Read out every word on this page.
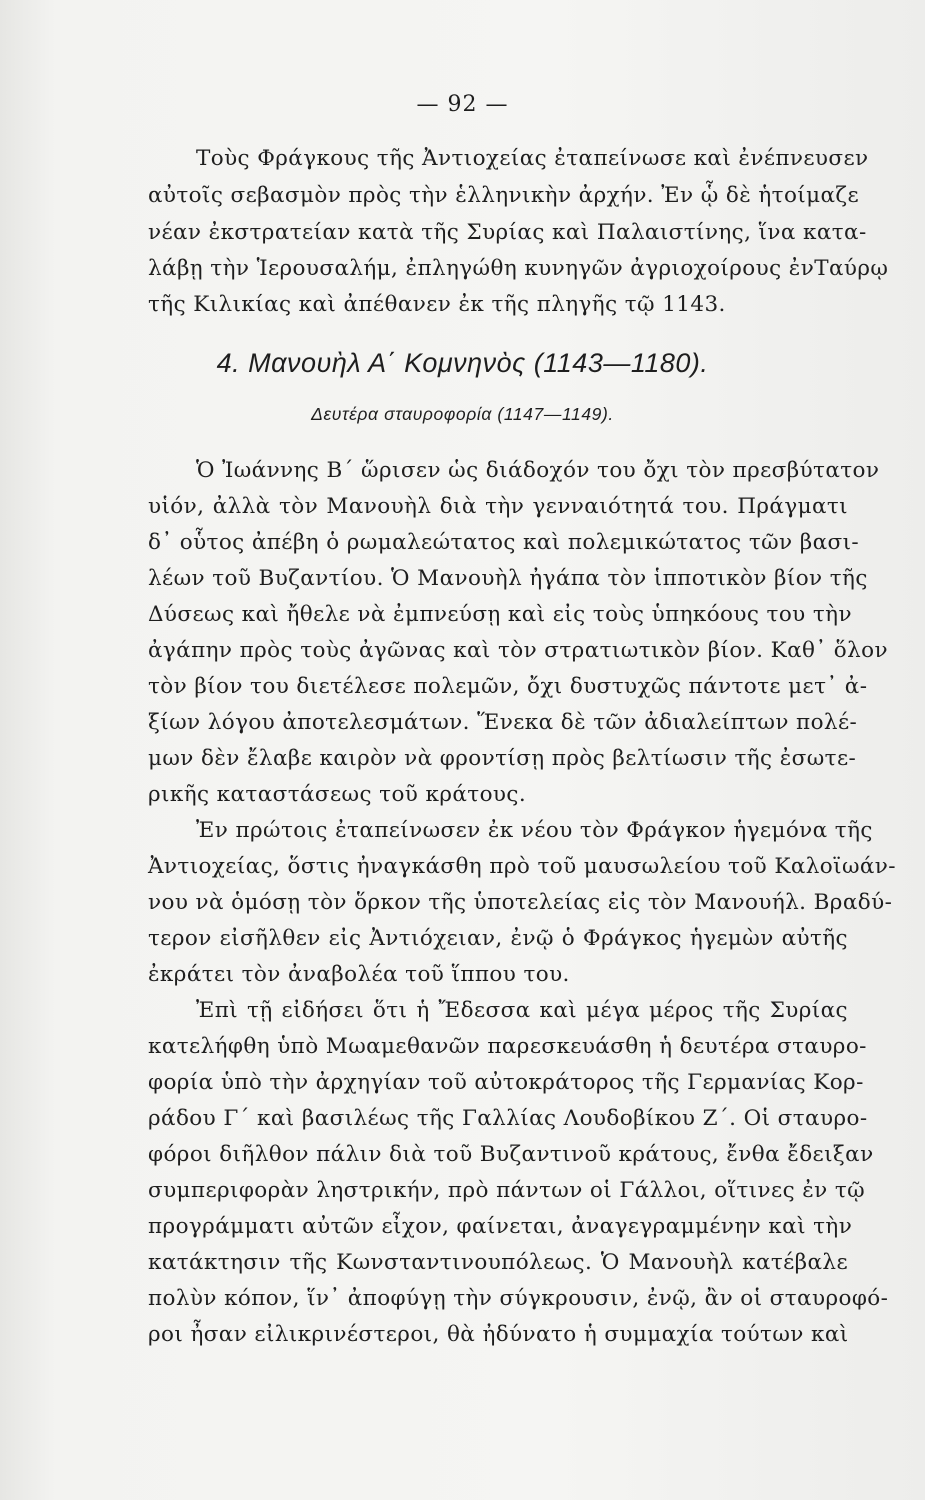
— 92 —
Τοὺς Φράγκους τῆς Ἀντιοχείας ἐταπείνωσε καὶ ἐνέπνευσεν
αὐτοῖς σεβασμὸν πρὸς τὴν ἑλληνικὴν ἀρχήν. Ἐν ᾧ δὲ ἡτοίμαζε
νέαν ἐκστρατείαν κατὰ τῆς Συρίας καὶ Παλαιστίνης, ἵνα κατα-
λάβῃ τὴν Ἱερουσαλήμ, ἐπληγώθη κυνηγῶν ἀγριοχοίρους ἐνΤαύρῳ
τῆς Κιλικίας καὶ ἀπέθανεν ἐκ τῆς πληγῆς τῷ 1143.
4. Μανουὴλ Α΄ Κομνηνὸς (1143—1180).
Δευτέρα σταυροφορία (1147—1149).
Ὁ Ἰωάννης Β΄ ὥρισεν ὡς διάδοχόν του ὄχι τὸν πρεσβύτατον
υἱόν, ἀλλὰ τὸν Μανουὴλ διὰ τὴν γενναιότητά του. Πράγματι
δ᾽ οὗτος ἀπέβη ὁ ρωμαλεώτατος καὶ πολεμικώτατος τῶν βασι-
λέων τοῦ Βυζαντίου. Ὁ Μανουὴλ ἠγάπα τὸν ἱπποτικὸν βίον τῆς
Δύσεως καὶ ἤθελε νὰ ἐμπνεύσῃ καὶ εἰς τοὺς ὑπηκόους του τὴν
ἀγάπην πρὸς τοὺς ἀγῶνας καὶ τὸν στρατιωτικὸν βίον. Καθ᾽ ὅλον
τὸν βίον του διετέλεσε πολεμῶν, ὄχι δυστυχῶς πάντοτε μετ᾽ ἀ-
ξίων λόγου ἀποτελεσμάτων. Ἕνεκα δὲ τῶν ἀδιαλείπτων πολέ-
μων δὲν ἔλαβε καιρὸν νὰ φροντίσῃ πρὸς βελτίωσιν τῆς ἐσωτε-
ρικῆς καταστάσεως τοῦ κράτους.
Ἐν πρώτοις ἐταπείνωσεν ἐκ νέου τὸν Φράγκον ἡγεμόνα τῆς
Ἀντιοχείας, ὅστις ἠναγκάσθη πρὸ τοῦ μαυσωλείου τοῦ Καλοϊωάν-
νου νὰ ὁμόσῃ τὸν ὅρκον τῆς ὑποτελείας εἰς τὸν Μανουήλ. Βραδύ-
τερον εἰσῆλθεν εἰς Ἀντιόχειαν, ἐνῷ ὁ Φράγκος ἡγεμὼν αὐτῆς
ἐκράτει τὸν ἀναβολέα τοῦ ἵππου του.
Ἐπὶ τῇ εἰδήσει ὅτι ἡ Ἔδεσσα καὶ μέγα μέρος τῆς Συρίας
κατελήφθη ὑπὸ Μωαμεθανῶν παρεσκευάσθη ἡ δευτέρα σταυρο-
φορία ὑπὸ τὴν ἀρχηγίαν τοῦ αὐτοκράτορος τῆς Γερμανίας Κορ-
ράδου Γ΄ καὶ βασιλέως τῆς Γαλλίας Λουδοβίκου Ζ΄. Οἱ σταυρο-
φόροι διῆλθον πάλιν διὰ τοῦ Βυζαντινοῦ κράτους, ἔνθα ἔδειξαν
συμπεριφορὰν ληστρικήν, πρὸ πάντων οἱ Γάλλοι, οἵτινες ἐν τῷ
προγράμματι αὐτῶν εἶχον, φαίνεται, ἀναγεγραμμένην καὶ τὴν
κατάκτησιν τῆς Κωνσταντινουπόλεως. Ὁ Μανουὴλ κατέβαλε
πολὺν κόπον, ἵν᾽ ἀποφύγῃ τὴν σύγκρουσιν, ἐνῷ, ἂν οἱ σταυροφό-
ροι ἦσαν εἰλικρινέστεροι, θὰ ἠδύνατο ἡ συμμαχία τούτων καὶ
